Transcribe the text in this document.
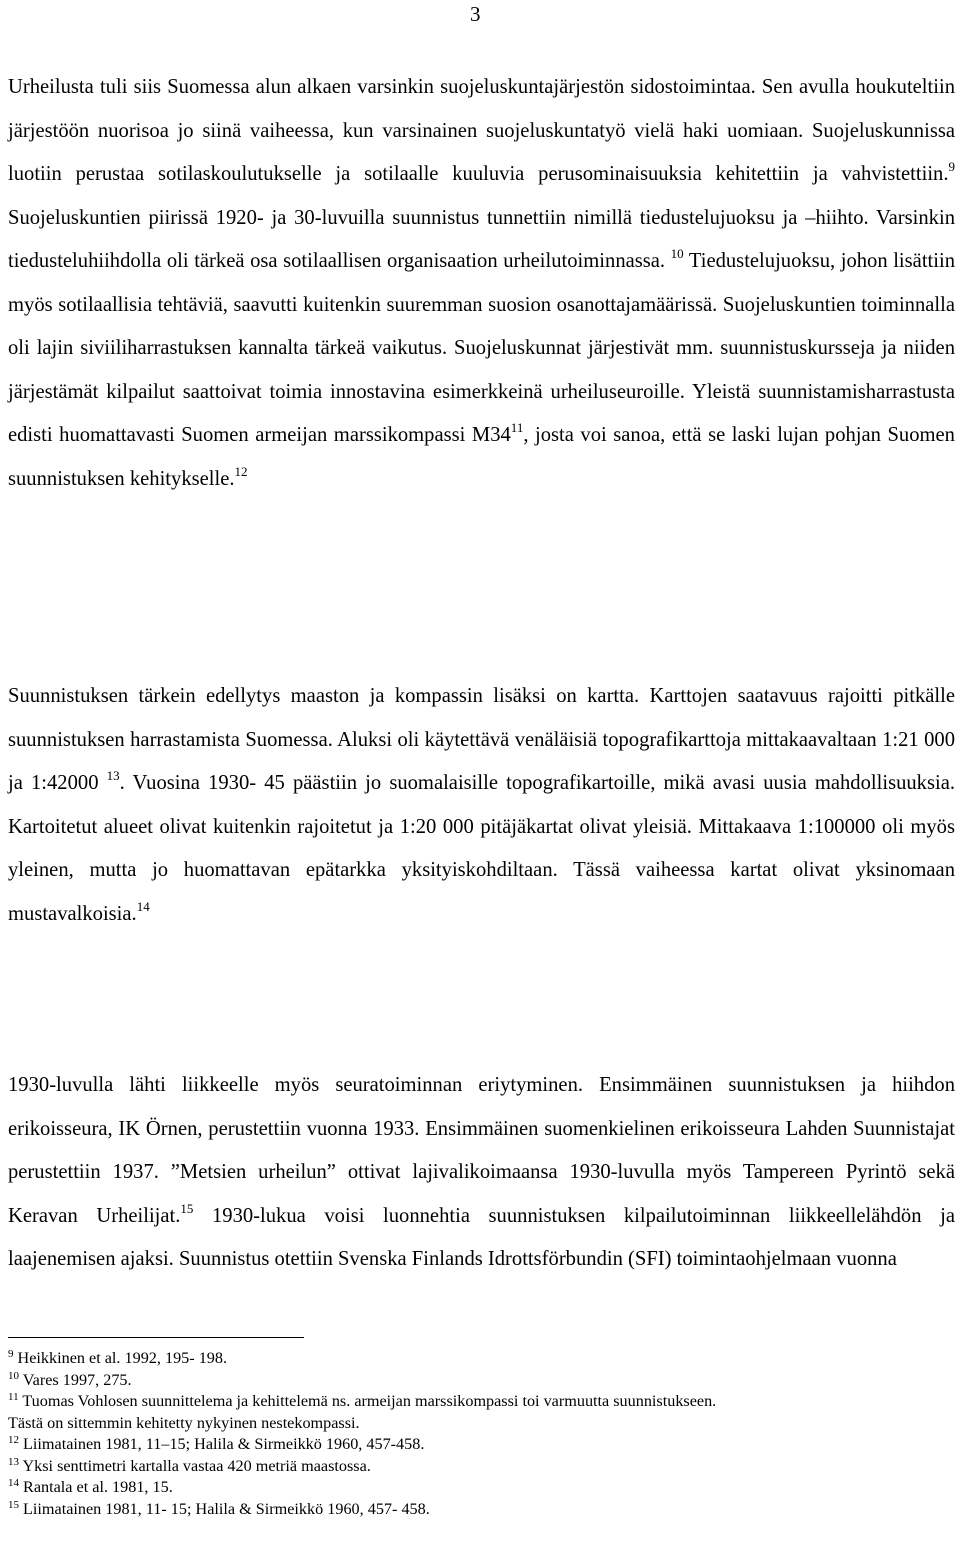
3

Urheilusta tuli siis Suomessa alun alkaen varsinkin suojeluskuntajärjestön sidostoimintaa. Sen avulla houkuteltiin järjestöön nuorisoa jo siinä vaiheessa, kun varsinainen suojeluskuntatyö vielä haki uomiaan. Suojeluskunnissa luotiin perustaa sotilaskoulutukselle ja sotilaalle kuuluvia perusominaisuuksia kehitettiin ja vahvistettiin.$^9$ Suojeluskuntien piirissä 1920- ja 30-luvuilla suunnistus tunnettiin nimillä tiedustelujuoksu ja –hiihto. Varsinkin tiedusteluhiihdolla oli tärkeä osa sotilaallisen organisaation urheilutoiminnassa. $^{10}$ Tiedustelujuoksu, johon lisättiin myös sotilaallisia tehtäviä, saavutti kuitenkin suuremman suosion osanottajamäärissä. Suojeluskuntien toiminnalla oli lajin siviiliharrastuksen kannalta tärkeä vaikutus. Suojeluskunnat järjestivät mm. suunnistuskursseja ja niiden järjestämät kilpailut saattoivat toimia innostavina esimerkkeinä urheiluseuroille. Yleistä suunnistamisharrastusta edisti huomattavasti Suomen armeijan marssikompassi $M34^{11}$, josta voi sanoa, että se laski lujan pohjan Suomen suunnistuksen kehitykselle.$^{12}$

Suunnistuksen tärkein edellytys maaston ja kompassin lisäksi on kartta. Karttojen saatavuus rajoitti pitkälle suunnistuksen harrastamista Suomessa. Aluksi oli käytettävä venäläisiä topografikarttoja mittakaavaltaan 1:21 000 ja 1:42000 $^{13}$. Vuosina 1930- 45 päästiin jo suomalaisille topografikartoille, mikä avasi uusia mahdollisuuksia. Kartoitetut alueet olivat kuitenkin rajoitetut ja 1:20 000 pitäjäkartat olivat yleisiä. Mittakaava 1:100000 oli myös yleinen, mutta jo huomattavan epätarkka yksityiskohdiltaan. Tässä vaiheessa kartat olivat yksinomaan mustavalkoisia.$^{14}$

1930-luvulla lähti liikkeelle myös seuratoiminnan eriytyminen. Ensimmäinen suunnistuksen ja hiihdon erikoisseura, IK Örnen, perustettiin vuonna 1933. Ensimmäinen suomenkielinen erikoisseura Lahden Suunnistajat perustettiin 1937. ”Metsien urheilun” ottivat lajivalikoimaansa 1930-luvulla myös Tampereen Pyrintö sekä Keravan Urheilijat.$^{15}$ 1930-lukua voisi luonnehtia suunnistuksen kilpailutoiminnan liikkeellelähdön ja laajenemisen ajaksi. Suunnistus otettiin Svenska Finlands Idrottsförbundin (SFI) toimintaohjelmaan vuonna

$^9$ Heikkinen et al. 1992, 195- 198.
$^{10}$ Vares 1997, 275.
$^{11}$ Tuomas Vohlosen suunnittelema ja kehittelemä ns. armeijan marssikompassi toi varmuutta suunnistukseen.
Tästä on sittemmin kehitetty nykyinen nestekompassi.
$^{12}$ Liimatainen 1981, 11–15; Halila & Sirmeikkö 1960, 457-458.
$^{13}$ Yksi senttimetri kartalla vastaa 420 metriä maastossa.
$^{14}$ Rantala et al. 1981, 15.
$^{15}$ Liimatainen 1981, 11- 15; Halila & Sirmeikkö 1960, 457- 458.
